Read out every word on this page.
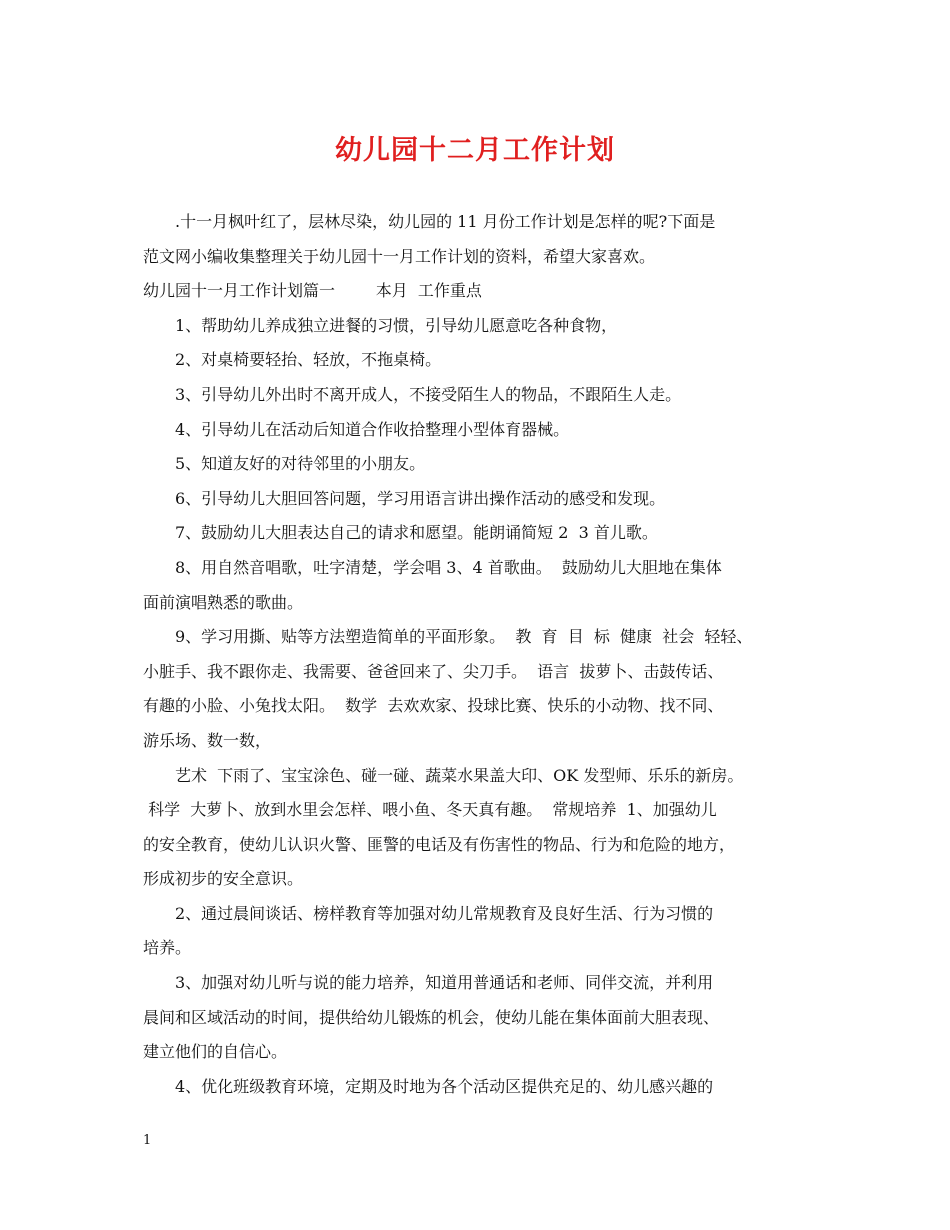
幼儿园十二月工作计划
.十一月枫叶红了，层林尽染，幼儿园的 11 月份工作计划是怎样的呢?下面是
范文网小编收集整理关于幼儿园十一月工作计划的资料，希望大家喜欢。
幼儿园十一月工作计划篇一        本月  工作重点
1、帮助幼儿养成独立进餐的习惯，引导幼儿愿意吃各种食物，
2、对桌椅要轻抬、轻放，不拖桌椅。
3、引导幼儿外出时不离开成人，不接受陌生人的物品，不跟陌生人走。
4、引导幼儿在活动后知道合作收拾整理小型体育器械。
5、知道友好的对待邻里的小朋友。
6、引导幼儿大胆回答问题，学习用语言讲出操作活动的感受和发现。
7、鼓励幼儿大胆表达自己的请求和愿望。能朗诵简短 2  3 首儿歌。
8、用自然音唱歌，吐字清楚，学会唱 3、4 首歌曲。  鼓励幼儿大胆地在集体
面前演唱熟悉的歌曲。
9、学习用撕、贴等方法塑造简单的平面形象。  教  育  目  标  健康  社会  轻轻、
小脏手、我不跟你走、我需要、爸爸回来了、尖刀手。  语言  拔萝卜、击鼓传话、
有趣的小脸、小兔找太阳。  数学  去欢欢家、投球比赛、快乐的小动物、找不同、
游乐场、数一数，
艺术  下雨了、宝宝涂色、碰一碰、蔬菜水果盖大印、OK 发型师、乐乐的新房。
科学  大萝卜、放到水里会怎样、喂小鱼、冬天真有趣。  常规培养  1、加强幼儿
的安全教育，使幼儿认识火警、匪警的电话及有伤害性的物品、行为和危险的地方，
形成初步的安全意识。
2、通过晨间谈话、榜样教育等加强对幼儿常规教育及良好生活、行为习惯的
培养。
3、加强对幼儿听与说的能力培养，知道用普通话和老师、同伴交流，并利用
晨间和区域活动的时间，提供给幼儿锻炼的机会，使幼儿能在集体面前大胆表现、
建立他们的自信心。
4、优化班级教育环境，定期及时地为各个活动区提供充足的、幼儿感兴趣的
1
